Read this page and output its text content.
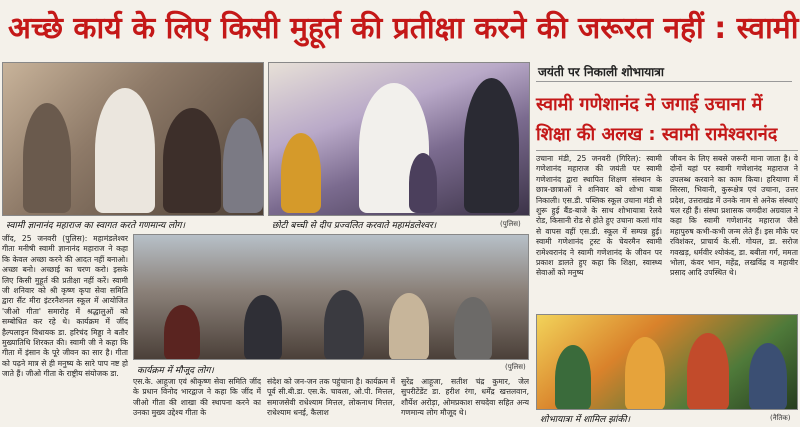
अच्छे कार्य के लिए किसी मुहूर्त की प्रतीक्षा करने की जरूरत नहीं : स्वामी
स्वामी ज्ञानानंद महाराज का स्वागत करते गणमान्य लोग।	छोटी बच्ची से दीप प्रज्वलित करवाते महामंडलेश्वर।	(पुलिस)
जयंती पर निकाली शोभायात्रा
स्वामी गणेशानंद ने जगाई उचाना में
शिक्षा की अलख : स्वामी रामेश्वरानंद

जींद, 25 जनवरी (पुलिस): महामंडलेश्वर गीता मनीषी स्वामी ज्ञानानंद महाराज ने कहा कि केवल अच्छा करने की आदत नहीं बनाओ। अच्छा बनो। अच्छाई का चरण करो। इसके लिए किसी मुहूर्त की प्रतीक्षा नहीं करें। स्वामी जी शनिवार को श्री कृष्ण कृपा सेवा समिति द्वारा सैंट मीरा इंटरनैशनल स्कूल में आयोजित 'जीओ गीता' समारोह में श्रद्धालुओं को सम्बोधित कर रहे थे। कार्यक्रम में जींद हैल्पलाइन विधायक डा. हरिचंद मिड्डा ने बतौर मुख्यातिथि शिरकत की। स्वामी जी ने कहा कि गीता में इंसान के पूरे जीवन का सार है। गीता को पढ़ने मात्र से ही मनुष्य के सारे पाप नष्ट हो जाते हैं। जीओ गीता के राष्ट्रीय संयोजक डा.	कार्यक्रम में मौजूद लोग।	(पुलिस)

एस.के. आहूजा एवं श्रीकृष्ण सेवा समिति जींद के प्रधान विनोद भारद्वाज ने कहा कि जींद में जीओ गीता की शाखा की स्थापना करने का उनका मुख्य उद्देश्य गीता के

संदेश को जन-जन तक पहुंचाना है। कार्यक्रम में पूर्व सी.बी.डा. एस.के. चावला, ओ.पी. मित्तल, समाजसेवी राधेश्याम मित्तल, लोकनाथ मित्तल, राधेश्याम धनई, कैलाश

सुरेंद्र आहूजा, सतीश चंद्र कुमार, जेल सुपरीटेंडेंट डा. हरीश रंगा, धर्मेंद्र खत्तलवान, शौर्येश अरोड़ा, ओमप्रकाश सचदेवा सहित अन्य गणमान्य लोग मौजूद थे।

उचाना मंडी, 25 जनवरी (गिरिल): स्वामी गणेशानंद महाराज की जयंती पर स्वामी गणेशानंद द्वारा स्थापित शिक्षण संस्थान के छात्र-छात्राओं ने शनिवार को शोभा यात्रा निकाली। एस.डी. पब्लिक स्कूल उचाना मंडी से शुरू हुई बैंड-बाजे के साथ शोभायात्रा रेलवे रोड, किसानी रोड से होते हुए उचाना कलां गांव से वापस वहीं एस.डी. स्कूल में सम्पन्न हुई। स्वामी गणेशानंद ट्रस्ट के चेयरमैन स्वामी रामेश्वरानंद ने स्वामी गणेशानंद के जीवन पर प्रकाश डालते हुए कहा कि शिक्षा, स्वास्थ्य सेवाओं को मनुष्य

जीवन के लिए सबसे जरूरी माना जाता है। वे दोनों यहां पर स्वामी गणेशानंद महाराज ने उपलब्ध करवाने का काम किया। हरियाणा में सिरसा, भिवानी, कुरूक्षेत्र एवं उचाना, उत्तर प्रदेश, उत्तराखंड में उनके नाम से अनेक संस्थाएं चल रही हैं। संस्था प्रशासक जगदीश अग्रवाल ने कहा कि स्वामी गणेशानंद महाराज जैसे महापुरुष कभी-कभी जन्म लेते हैं। इस मौके पर रविशंकर, प्राचार्य के.सी. गोयल, डा. सरोज गवखड़, धर्मवीर श्योकंद, डा. बबीता गर्ग, ममता भोला, कंवर भान, महेंद्र, लखविंद्र व महावीर प्रसाद आदि उपस्थित थे।

शोभायात्रा में शामिल झांकी।	(नैतिक)
